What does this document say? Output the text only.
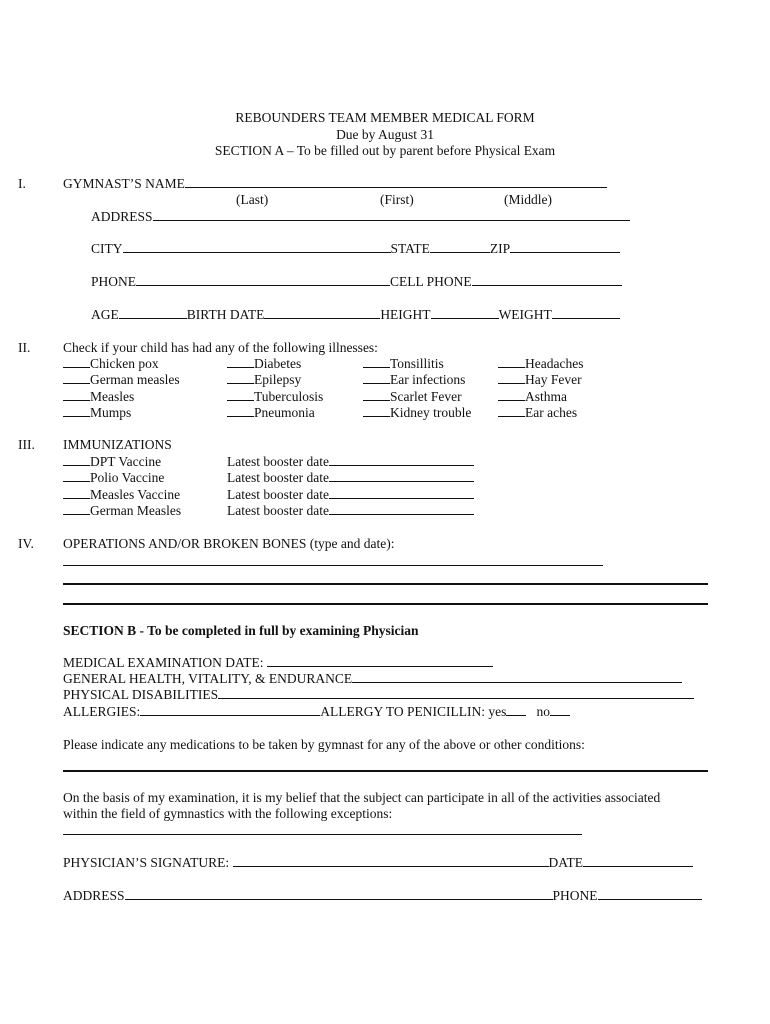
REBOUNDERS TEAM MEMBER MEDICAL FORM
Due by August 31
SECTION A – To be filled out by parent before Physical Exam
I.	GYMNAST’S NAME
(Last)	(First)	(Middle)
ADDRESS
CITY	STATE	ZIP
PHONE	CELL PHONE
AGE	BIRTH DATE	HEIGHT	WEIGHT
II. Check if your child has had any of the following illnesses:
Chicken pox	Diabetes	Tonsillitis	Headaches
German measles	Epilepsy	Ear infections	Hay Fever
Measles	Tuberculosis	Scarlet Fever	Asthma
Mumps	Pneumonia	Kidney trouble	Ear aches
III. IMMUNIZATIONS
DPT Vaccine	Latest booster date
Polio Vaccine	Latest booster date
Measles Vaccine	Latest booster date
German Measles	Latest booster date
IV. OPERATIONS AND/OR BROKEN BONES (type and date):
SECTION B - To be completed in full by examining Physician
MEDICAL EXAMINATION DATE:
GENERAL HEALTH, VITALITY, & ENDURANCE
PHYSICAL DISABILITIES
ALLERGIES:	ALLERGY TO PENICILLIN: yes no
Please indicate any medications to be taken by gymnast for any of the above or other conditions:
On the basis of my examination, it is my belief that the subject can participate in all of the activities associated
within the field of gymnastics with the following exceptions:
PHYSICIAN’S SIGNATURE:	DATE
ADDRESS	PHONE
